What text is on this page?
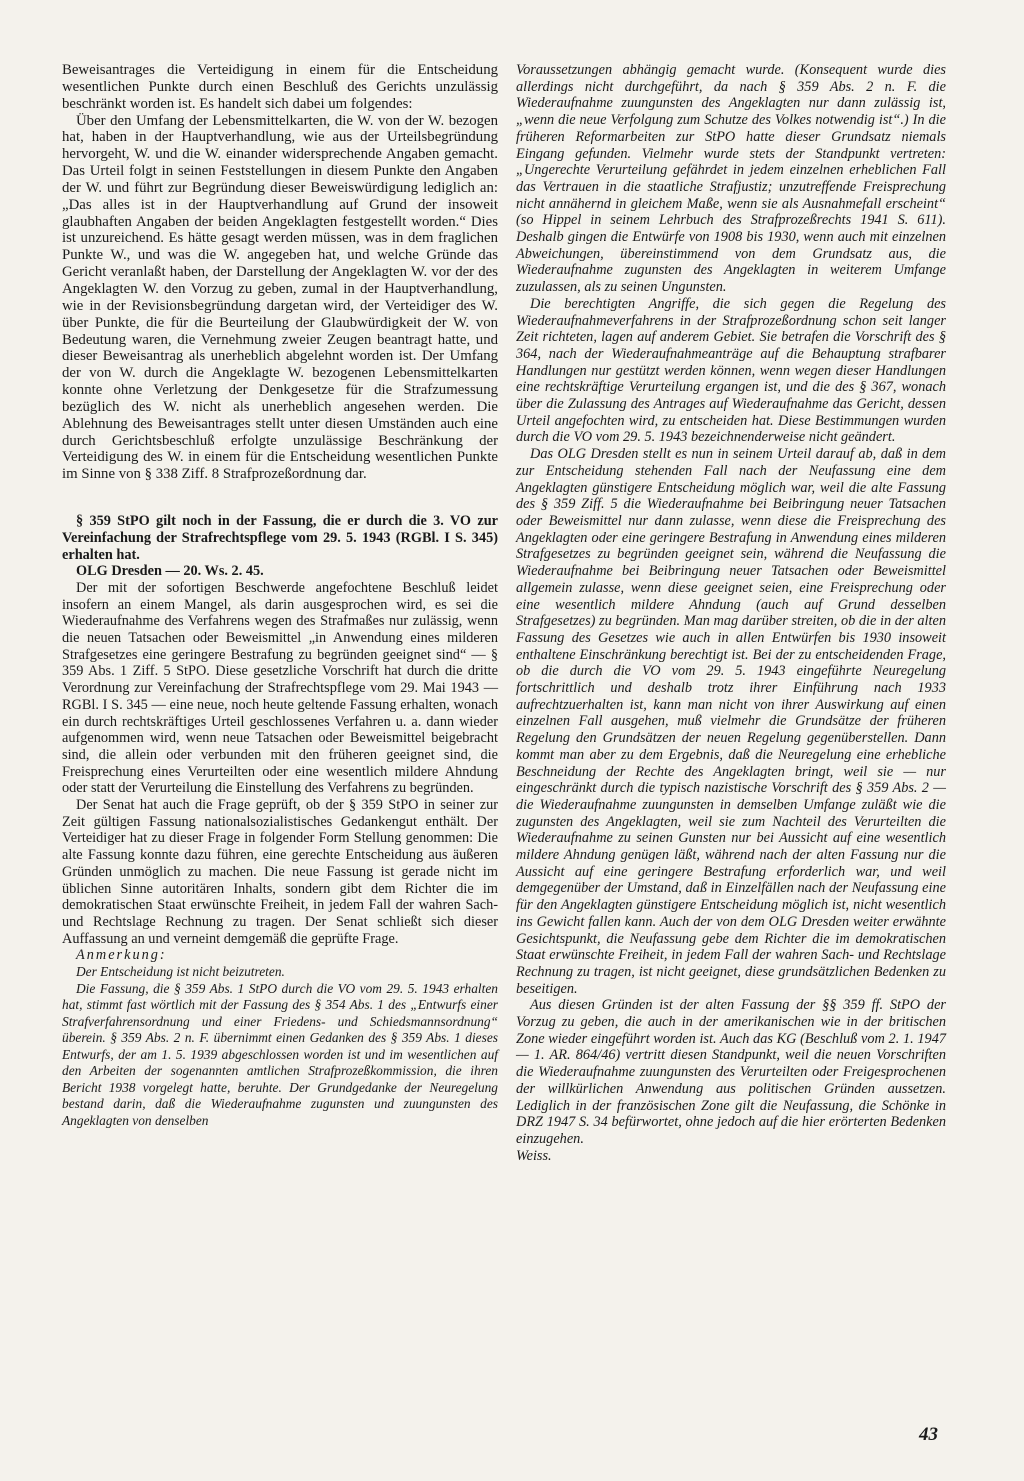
Beweisantrages die Verteidigung in einem für die Entscheidung wesentlichen Punkte durch einen Beschluß des Gerichts unzulässig beschränkt worden ist. Es handelt sich dabei um folgendes:

Über den Umfang der Lebensmittelkarten, die W. von der W. bezogen hat, haben in der Hauptverhandlung, wie aus der Urteilsbegründung hervorgeht, W. und die W. einander widersprechende Angaben gemacht. Das Urteil folgt in seinen Feststellungen in diesem Punkte den Angaben der W. und führt zur Begründung dieser Beweiswürdigung lediglich an: „Das alles ist in der Hauptverhandlung auf Grund der insoweit glaubhaften Angaben der beiden Angeklagten festgestellt worden.“ Dies ist unzureichend. Es hätte gesagt werden müssen, was in dem fraglichen Punkte W., und was die W. angegeben hat, und welche Gründe das Gericht veranlaßt haben, der Darstellung der Angeklagten W. vor der des Angeklagten W. den Vorzug zu geben, zumal in der Hauptverhandlung, wie in der Revisionsbegründung dargetan wird, der Verteidiger des W. über Punkte, die für die Beurteilung der Glaubwürdigkeit der W. von Bedeutung waren, die Vernehmung zweier Zeugen beantragt hatte, und dieser Beweisantrag als unerheblich abgelehnt worden ist. Der Umfang der von W. durch die Angeklagte W. bezogenen Lebensmittelkarten konnte ohne Verletzung der Denkgesetze für die Strafzumessung bezüglich des W. nicht als unerheblich angesehen werden. Die Ablehnung des Beweisantrages stellt unter diesen Umständen auch eine durch Gerichtsbeschluß erfolgte unzulässige Beschränkung der Verteidigung des W. in einem für die Entscheidung wesentlichen Punkte im Sinne von § 338 Ziff. 8 Strafprozeßordnung dar.

§ 359 StPO gilt noch in der Fassung, die er durch die 3. VO zur Vereinfachung der Strafrechtspflege vom 29. 5. 1943 (RGBl. I S. 345) erhalten hat.

OLG Dresden — 20. Ws. 2. 45.

Der mit der sofortigen Beschwerde angefochtene Beschluß leidet insofern an einem Mangel, als darin ausgesprochen wird, es sei die Wiederaufnahme des Verfahrens wegen des Strafmaßes nur zulässig, wenn die neuen Tatsachen oder Beweismittel „in Anwendung eines milderen Strafgesetzes eine geringere Bestrafung zu begründen geeignet sind“ — § 359 Abs. 1 Ziff. 5 StPO. Diese gesetzliche Vorschrift hat durch die dritte Verordnung zur Vereinfachung der Strafrechtspflege vom 29. Mai 1943 — RGBl. I S. 345 — eine neue, noch heute geltende Fassung erhalten, wonach ein durch rechtskräftiges Urteil geschlossenes Verfahren u. a. dann wieder aufgenommen wird, wenn neue Tatsachen oder Beweismittel beigebracht sind, die allein oder verbunden mit den früheren geeignet sind, die Freisprechung eines Verurteilten oder eine wesentlich mildere Ahndung oder statt der Verurteilung die Einstellung des Verfahrens zu begründen.

Der Senat hat auch die Frage geprüft, ob der § 359 StPO in seiner zur Zeit gültigen Fassung nationalsozialistisches Gedankengut enthält. Der Verteidiger hat zu dieser Frage in folgender Form Stellung genommen: Die alte Fassung konnte dazu führen, eine gerechte Entscheidung aus äußeren Gründen unmöglich zu machen. Die neue Fassung ist gerade nicht im üblichen Sinne autoritären Inhalts, sondern gibt dem Richter die im demokratischen Staat erwünschte Freiheit, in jedem Fall der wahren Sach- und Rechtslage Rechnung zu tragen. Der Senat schließt sich dieser Auffassung an und verneint demgemäß die geprüfte Frage.

Anmerkung:

Der Entscheidung ist nicht beizutreten.

Die Fassung, die § 359 Abs. 1 StPO durch die VO vom 29. 5. 1943 erhalten hat, stimmt fast wörtlich mit der Fassung des § 354 Abs. 1 des „Entwurfs einer Strafverfahrensordnung und einer Friedens- und Schiedsmannsordnung“ überein. § 359 Abs. 2 n. F. übernimmt einen Gedanken des § 359 Abs. 1 dieses Entwurfs, der am 1. 5. 1939 abgeschlossen worden ist und im wesentlichen auf den Arbeiten der sogenannten amtlichen Strafprozeßkommission, die ihren Bericht 1938 vorgelegt hatte, beruhte. Der Grundgedanke der Neuregelung bestand darin, daß die Wiederaufnahme zugunsten und zuungunsten des Angeklagten von denselben

Voraussetzungen abhängig gemacht wurde. (Konsequent wurde dies allerdings nicht durchgeführt, da nach § 359 Abs. 2 n. F. die Wiederaufnahme zuungunsten des Angeklagten nur dann zulässig ist, „wenn die neue Verfolgung zum Schutze des Volkes notwendig ist“.) In die früheren Reformarbeiten zur StPO hatte dieser Grundsatz niemals Eingang gefunden. Vielmehr wurde stets der Standpunkt vertreten: „Ungerechte Verurteilung gefährdet in jedem einzelnen erheblichen Fall das Vertrauen in die staatliche Strafjustiz; unzutreffende Freisprechung nicht annähernd in gleichem Maße, wenn sie als Ausnahmefall erscheint“ (so Hippel in seinem Lehrbuch des Strafprozeßrechts 1941 S. 611). Deshalb gingen die Entwürfe von 1908 bis 1930, wenn auch mit einzelnen Abweichungen, übereinstimmend von dem Grundsatz aus, die Wiederaufnahme zugunsten des Angeklagten in weiterem Umfange zuzulassen, als zu seinen Ungunsten.

Die berechtigten Angriffe, die sich gegen die Regelung des Wiederaufnahmeverfahrens in der Strafprozeßordnung schon seit langer Zeit richteten, lagen auf anderem Gebiet. Sie betrafen die Vorschrift des § 364, nach der Wiederaufnahmeanträge auf die Behauptung strafbarer Handlungen nur gestützt werden können, wenn wegen dieser Handlungen eine rechtskräftige Verurteilung ergangen ist, und die des § 367, wonach über die Zulassung des Antrages auf Wiederaufnahme das Gericht, dessen Urteil angefochten wird, zu entscheiden hat. Diese Bestimmungen wurden durch die VO vom 29. 5. 1943 bezeichnenderweise nicht geändert.

Das OLG Dresden stellt es nun in seinem Urteil darauf ab, daß in dem zur Entscheidung stehenden Fall nach der Neufassung eine dem Angeklagten günstigere Entscheidung möglich war, weil die alte Fassung des § 359 Ziff. 5 die Wiederaufnahme bei Beibringung neuer Tatsachen oder Beweismittel nur dann zulasse, wenn diese die Freisprechung des Angeklagten oder eine geringere Bestrafung in Anwendung eines milderen Strafgesetzes zu begründen geeignet sein, während die Neufassung die Wiederaufnahme bei Beibringung neuer Tatsachen oder Beweismittel allgemein zulasse, wenn diese geeignet seien, eine Freisprechung oder eine wesentlich mildere Ahndung (auch auf Grund desselben Strafgesetzes) zu begründen. Man mag darüber streiten, ob die in der alten Fassung des Gesetzes wie auch in allen Entwürfen bis 1930 insoweit enthaltene Einschränkung berechtigt ist. Bei der zu entscheidenden Frage, ob die durch die VO vom 29. 5. 1943 eingeführte Neuregelung fortschrittlich und deshalb trotz ihrer Einführung nach 1933 aufrechtzuerhalten ist, kann man nicht von ihrer Auswirkung auf einen einzelnen Fall ausgehen, muß vielmehr die Grundsätze der früheren Regelung den Grundsätzen der neuen Regelung gegenüberstellen. Dann kommt man aber zu dem Ergebnis, daß die Neuregelung eine erhebliche Beschneidung der Rechte des Angeklagten bringt, weil sie — nur eingeschränkt durch die typisch nazistische Vorschrift des § 359 Abs. 2 — die Wiederaufnahme zuungunsten in demselben Umfange zuläßt wie die zugunsten des Angeklagten, weil sie zum Nachteil des Verurteilten die Wiederaufnahme zu seinen Gunsten nur bei Aussicht auf eine wesentlich mildere Ahndung genügen läßt, während nach der alten Fassung nur die Aussicht auf eine geringere Bestrafung erforderlich war, und weil demgegenüber der Umstand, daß in Einzelfällen nach der Neufassung eine für den Angeklagten günstigere Entscheidung möglich ist, nicht wesentlich ins Gewicht fallen kann. Auch der von dem OLG Dresden weiter erwähnte Gesichtspunkt, die Neufassung gebe dem Richter die im demokratischen Staat erwünschte Freiheit, in jedem Fall der wahren Sach- und Rechtslage Rechnung zu tragen, ist nicht geeignet, diese grundsätzlichen Bedenken zu beseitigen.

Aus diesen Gründen ist der alten Fassung der §§ 359 ff. StPO der Vorzug zu geben, die auch in der amerikanischen wie in der britischen Zone wieder eingeführt worden ist. Auch das KG (Beschluß vom 2. 1. 1947 — 1. AR. 864/46) vertritt diesen Standpunkt, weil die neuen Vorschriften die Wiederaufnahme zuungunsten des Verurteilten oder Freigesprochenen der willkürlichen Anwendung aus politischen Gründen aussetzen. Lediglich in der französischen Zone gilt die Neufassung, die Schönke in DRZ 1947 S. 34 befürwortet, ohne jedoch auf die hier erörterten Bedenken einzugehen.

Weiss.

43
